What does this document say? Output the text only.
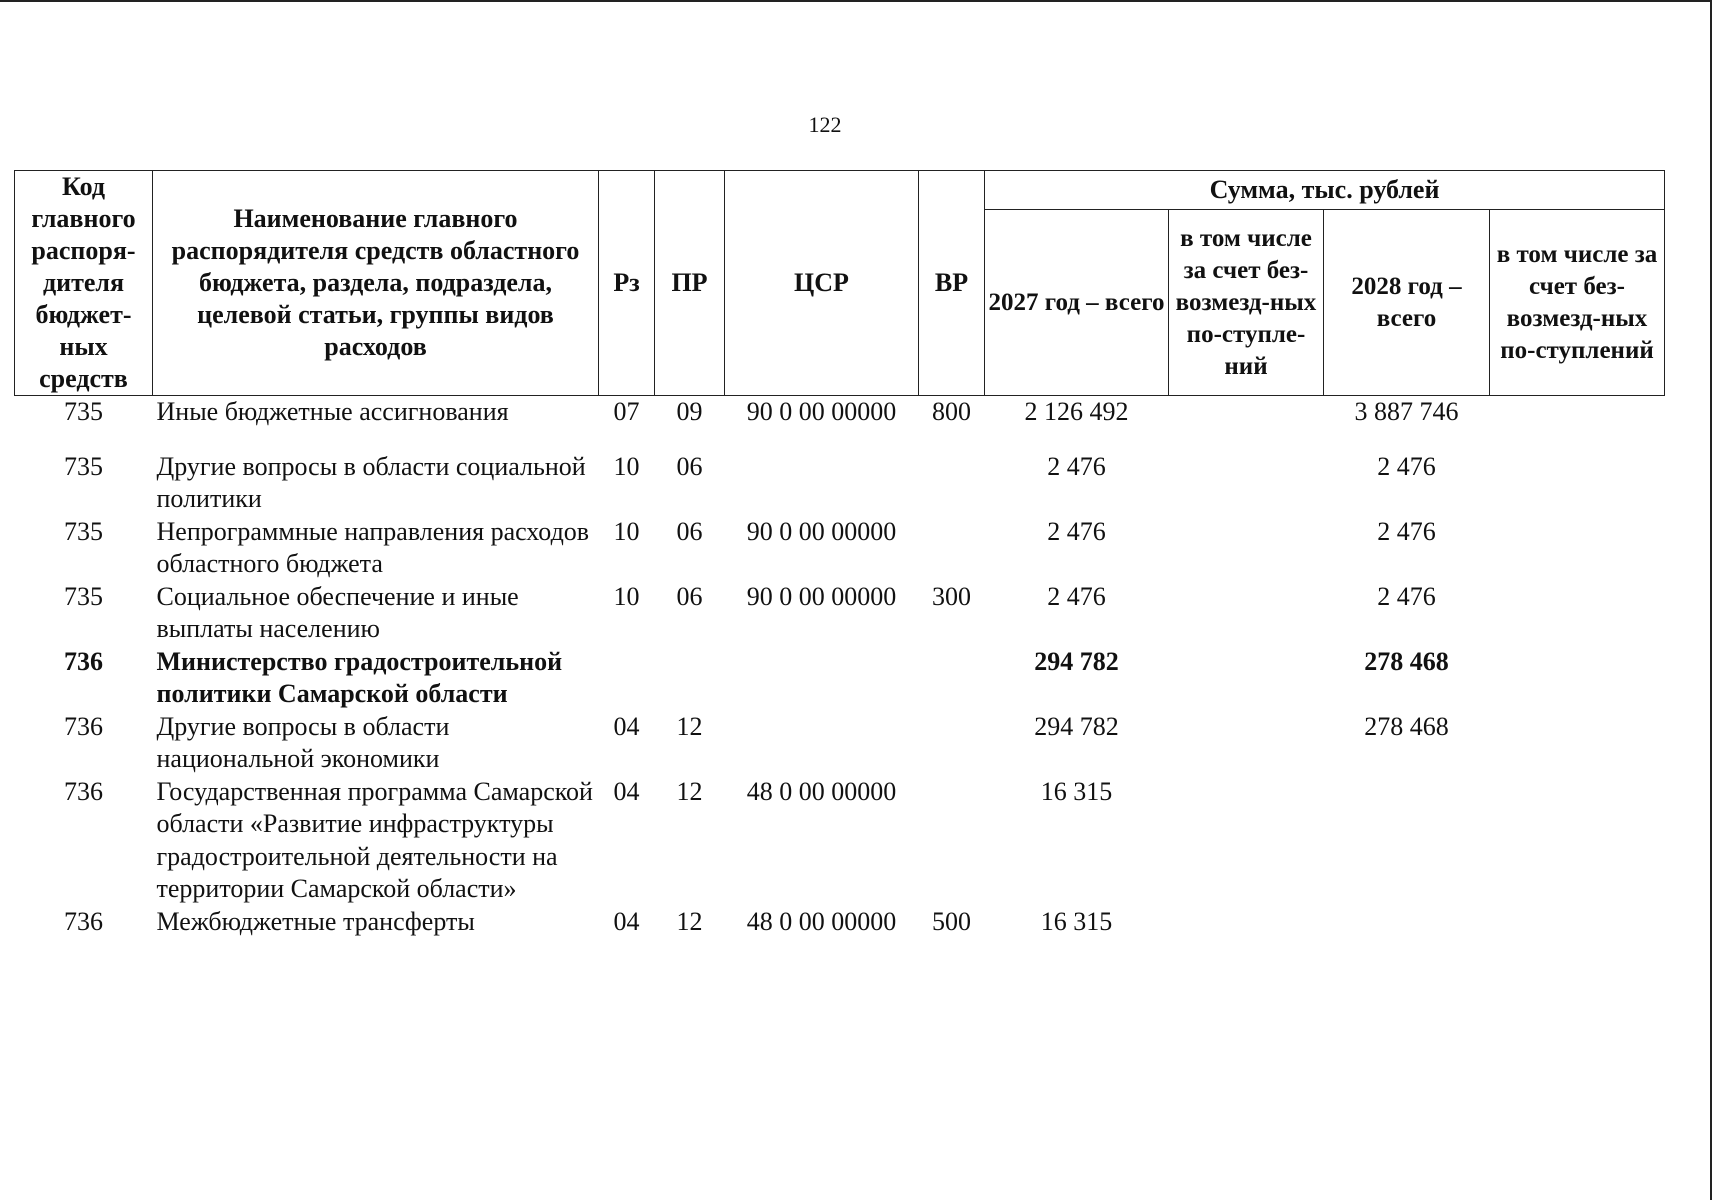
122
Код главного распоря-дителя бюджет-ных средств	Наименование главного распорядителя средств областного бюджета, раздела, подраздела, целевой статьи, группы видов расходов	Рз	ПР	ЦСР	ВР	Сумма, тыс. рублей			
						2027 год – всего	в том числе за счет без-возмезд-ных по-ступле-ний	2028 год – всего	в том числе за счет без-возмезд-ных по-ступлений
735	Иные бюджетные ассигнования	07	09	90 0 00 00000	800	2 126 492		3 887 746	
735	Другие вопросы в области социальной политики	10	06			2 476		2 476	
735	Непрограммные направления расходов областного бюджета	10	06	90 0 00 00000		2 476		2 476	
735	Социальное обеспечение и иные выплаты населению	10	06	90 0 00 00000	300	2 476		2 476	
736	Министерство градостроительной политики Самарской области					294 782		278 468	
736	Другие вопросы в области национальной экономики	04	12			294 782		278 468	
736	Государственная программа Самарской области «Развитие инфраструктуры градостроительной деятельности на территории Самарской области»	04	12	48 0 00 00000		16 315			
736	Межбюджетные трансферты	04	12	48 0 00 00000	500	16 315			
